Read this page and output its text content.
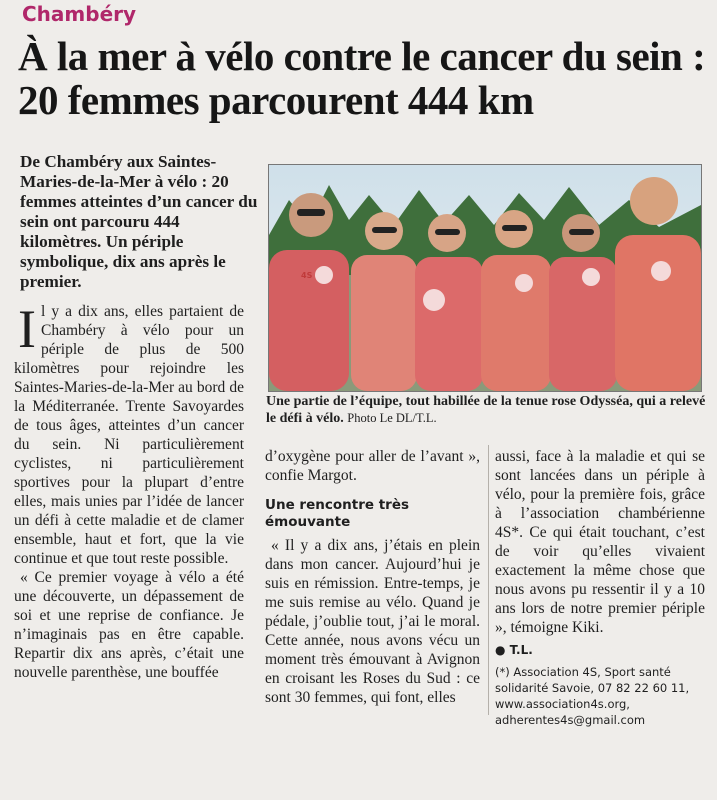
Chambéry
À la mer à vélo contre le cancer du sein : 20 femmes parcourent 444 km
De Chambéry aux Saintes-Maries-de-la-Mer à vélo : 20 femmes atteintes d’un cancer du sein ont parcouru 444 kilomètres. Un périple symbolique, dix ans après le premier.	4S
Une partie de l’équipe, tout habillée de la tenue rose Odysséa, qui a relevé le défi à vélo. Photo Le DL/T.L.

Il y a dix ans, elles partaient de Chambéry à vélo pour un périple de plus de 500 kilomètres pour rejoindre les Saintes-Maries-de-la-Mer au bord de la Méditerranée. Trente Savoyardes de tous âges, atteintes d’un cancer du sein. Ni particulièrement cyclistes, ni particulièrement sportives pour la plupart d’entre elles, mais unies par l’idée de lancer un défi à cette maladie et de clamer ensemble, haut et fort, que la vie continue et que tout reste possible.

« Ce premier voyage à vélo a été une découverte, un dépassement de soi et une reprise de confiance. Je n’imaginais pas en être capable. Repartir dix ans après, c’était une nouvelle parenthèse, une bouffée

d’oxygène pour aller de l’avant », confie Margot.

Une rencontre très émouvante

« Il y a dix ans, j’étais en plein dans mon cancer. Aujourd’hui je suis en rémission. Entre-temps, je me suis remise au vélo. Quand je pédale, j’oublie tout, j’ai le moral. Cette année, nous avons vécu un moment très émouvant à Avignon en croisant les Roses du Sud : ce sont 30 femmes, qui font, elles

aussi, face à la maladie et qui se sont lancées dans un périple à vélo, pour la première fois, grâce à l’association chambérienne 4S*. Ce qui était touchant, c’est de voir qu’elles vivaient exactement la même chose que nous avons pu ressentir il y a 10 ans lors de notre premier périple », témoigne Kiki.

● T.L.

(*) Association 4S, Sport santé solidarité Savoie, 07 82 22 60 11, www.association4s.org, adherentes4s@gmail.com
